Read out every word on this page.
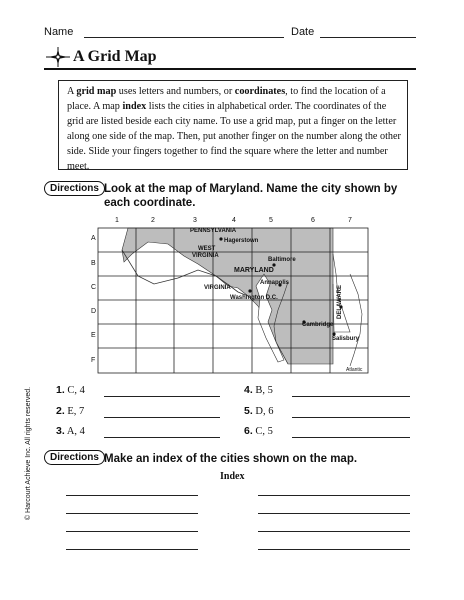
Name	Date
A Grid Map
A grid map uses letters and numbers, or coordinates, to find the location of a place. A map index lists the cities in alphabetical order. The coordinates of the grid are listed beside each city name. To use a grid map, put a finger on the letter along one side of the map. Then, put another finger on the number along the other side. Slide your fingers together to find the square where the letter and number meet.
Directions Look at the map of Maryland. Name the city shown by each coordinate.
1	2	3	4	5	6	7
A
B
C
D
E
F
PENNSYLVANIA
Hagerstown
WEST
VIRGINIA
MARYLAND
Baltimore
Annapolis
VIRGINIA
Washington D.C.	DELAWARE
Cambridge
Salisbury
Atlantic
1. C, 4
2. E, 7
3. A, 4
4. B, 5
5. D, 6
6. C, 5
Directions Make an index of the cities shown on the map.
Index
© Harcourt Achieve Inc. All rights reserved.
